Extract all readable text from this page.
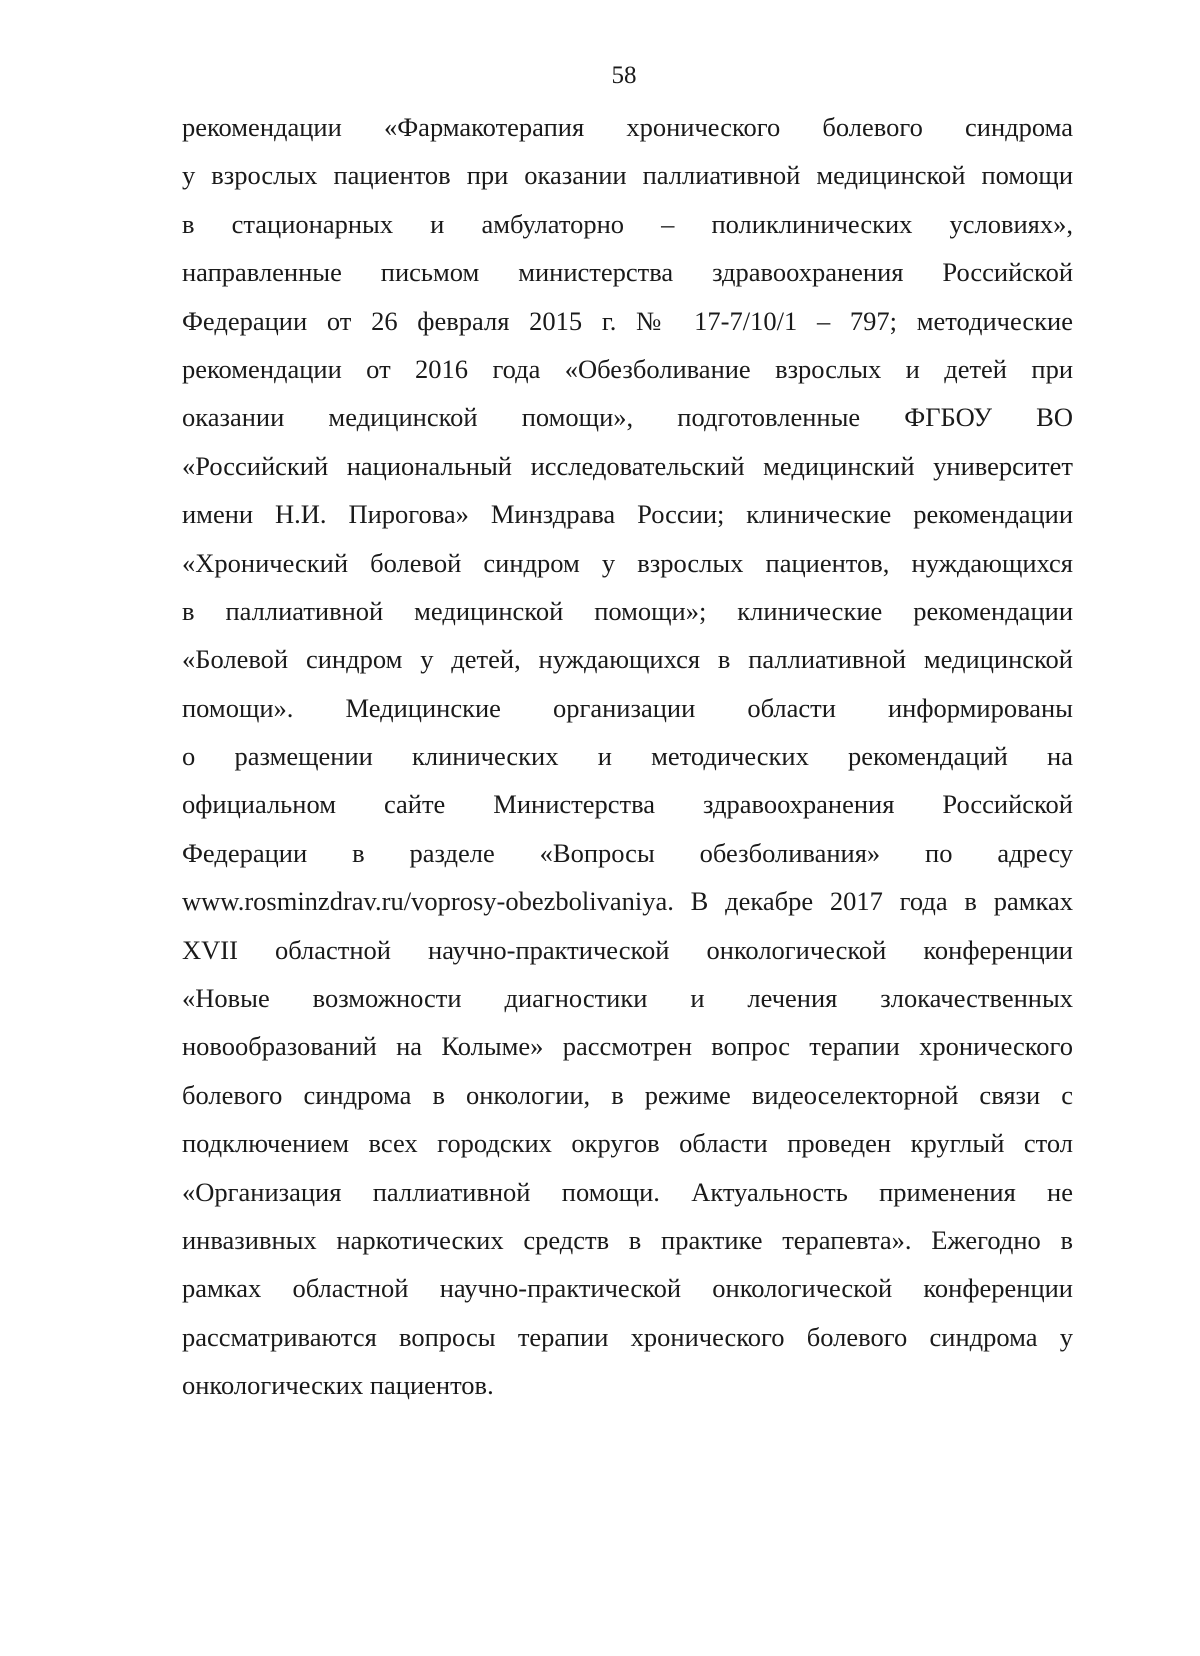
58
рекомендации «Фармакотерапия хронического болевого синдрома
у взрослых пациентов при оказании паллиативной медицинской помощи
в стационарных и амбулаторно – поликлинических условиях»,
направленные письмом министерства здравоохранения Российской
Федерации от 26 февраля 2015 г. № 17-7/10/1 – 797; методические
рекомендации от 2016 года «Обезболивание взрослых и детей при
оказании медицинской помощи», подготовленные ФГБОУ ВО
«Российский национальный исследовательский медицинский университет
имени Н.И. Пирогова» Минздрава России; клинические рекомендации
«Хронический болевой синдром у взрослых пациентов, нуждающихся
в паллиативной медицинской помощи»; клинические рекомендации
«Болевой синдром у детей, нуждающихся в паллиативной медицинской
помощи». Медицинские организации области информированы
о размещении клинических и методических рекомендаций на
официальном сайте Министерства здравоохранения Российской
Федерации в разделе «Вопросы обезболивания» по адресу
www.rosminzdrav.ru/voprosy-obezbolivaniya. В декабре 2017 года в рамках
XVII областной научно-практической онкологической конференции
«Новые возможности диагностики и лечения злокачественных
новообразований на Колыме» рассмотрен вопрос терапии хронического
болевого синдрома в онкологии, в режиме видеоселекторной связи с
подключением всех городских округов области проведен круглый стол
«Организация паллиативной помощи. Актуальность применения не
инвазивных наркотических средств в практике терапевта». Ежегодно в
рамках областной научно-практической онкологической конференции
рассматриваются вопросы терапии хронического болевого синдрома у
онкологических пациентов.
